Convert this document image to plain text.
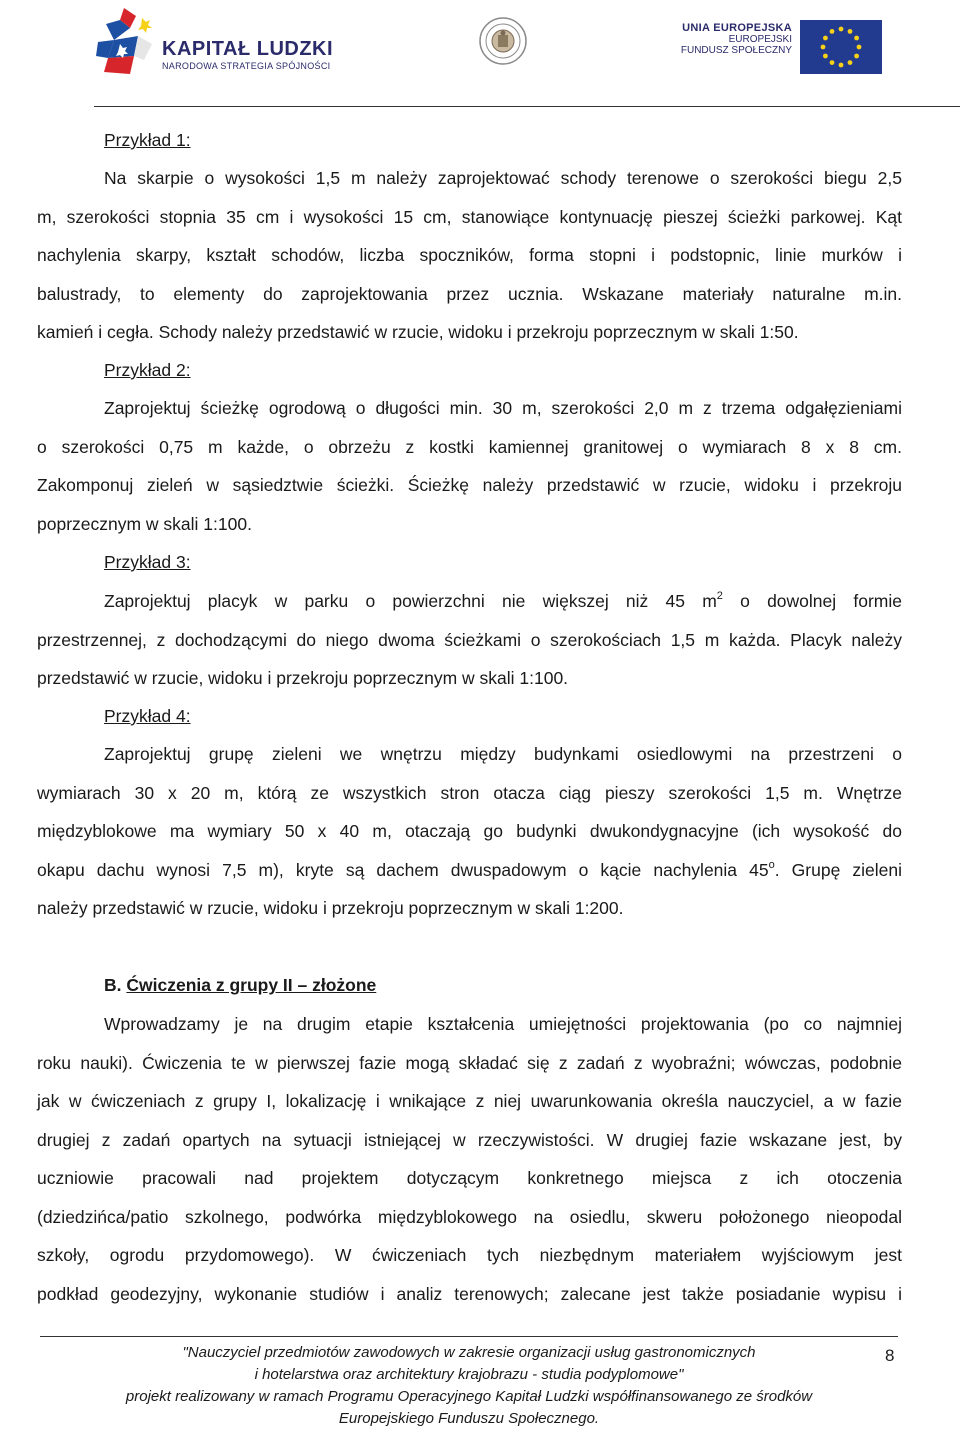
KAPITAŁ LUDZKI
NARODOWA STRATEGIA SPÓJNOŚCI
UNIA EUROPEJSKA
EUROPEJSKI
FUNDUSZ SPOŁECZNY
Przykład 1:
Na skarpie o wysokości 1,5 m należy zaprojektować schody terenowe o szerokości biegu 2,5
m, szerokości stopnia 35 cm i wysokości 15 cm, stanowiące kontynuację pieszej ścieżki parkowej. Kąt
nachylenia skarpy, kształt schodów, liczba spoczników, forma stopni i podstopnic, linie murków i
balustrady, to elementy do zaprojektowania przez ucznia. Wskazane materiały naturalne m.in.
kamień i cegła. Schody należy przedstawić w rzucie, widoku i przekroju poprzecznym w skali 1:50.
Przykład 2:
Zaprojektuj ścieżkę ogrodową o długości min. 30 m, szerokości 2,0 m z trzema odgałęzieniami
o szerokości 0,75 m każde, o obrzeżu z kostki kamiennej granitowej o wymiarach 8 x 8 cm.
Zakomponuj zieleń w sąsiedztwie ścieżki. Ścieżkę należy przedstawić w rzucie, widoku i przekroju
poprzecznym w skali 1:100.
Przykład 3:
Zaprojektuj placyk w parku o powierzchni nie większej niż 45 $m^2$ o dowolnej formie
przestrzennej, z dochodzącymi do niego dwoma ścieżkami o szerokościach 1,5 m każda. Placyk należy
przedstawić w rzucie, widoku i przekroju poprzecznym w skali 1:100.
Przykład 4:
Zaprojektuj grupę zieleni we wnętrzu między budynkami osiedlowymi na przestrzeni o
wymiarach 30 x 20 m, którą ze wszystkich stron otacza ciąg pieszy szerokości 1,5 m. Wnętrze
międzyblokowe ma wymiary 50 x 40 m, otaczają go budynki dwukondygnacyjne (ich wysokość do
okapu dachu wynosi 7,5 m), kryte są dachem dwuspadowym o kącie nachylenia 45$^o$. Grupę zieleni
należy przedstawić w rzucie, widoku i przekroju poprzecznym w skali 1:200.
B. Ćwiczenia z grupy II – złożone
Wprowadzamy je na drugim etapie kształcenia umiejętności projektowania (po co najmniej
roku nauki). Ćwiczenia te w pierwszej fazie mogą składać się z zadań z wyobraźni; wówczas, podobnie
jak w ćwiczeniach z grupy I, lokalizację i wnikające z niej uwarunkowania określa nauczyciel, a w fazie
drugiej z zadań opartych na sytuacji istniejącej w rzeczywistości. W drugiej fazie wskazane jest, by
uczniowie pracowali nad projektem dotyczącym konkretnego miejsca z ich otoczenia
(dziedzińca/patio szkolnego, podwórka międzyblokowego na osiedlu, skweru położonego nieopodal
szkoły, ogrodu przydomowego). W ćwiczeniach tych niezbędnym materiałem wyjściowym jest
podkład geodezyjny, wykonanie studiów i analiz terenowych; zalecane jest także posiadanie wypisu i
"Nauczyciel przedmiotów zawodowych w zakresie organizacji usług gastronomicznych
i hotelarstwa oraz architektury krajobrazu - studia podyplomowe"
projekt realizowany w ramach Programu Operacyjnego Kapitał Ludzki współfinansowanego ze środków
Europejskiego Funduszu Społecznego.
8
